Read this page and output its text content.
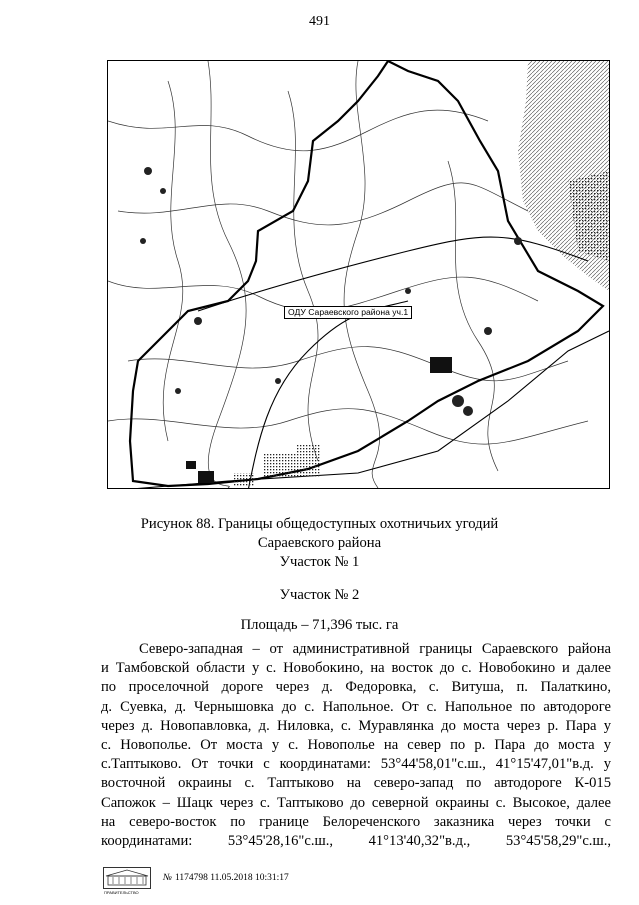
491
ОДУ Сараевского района уч.1
Рисунок 88. Границы общедоступных охотничьих угодий
Сараевского района
Участок № 1
Участок № 2
Площадь – 71,396 тыс. га
Северо-западная – от административной границы Сараевского района
и Тамбовской области у с. Новобокино, на восток до с. Новобокино и далее
по проселочной дороге через д. Федоровка, с. Витуша, п. Палаткино,
д. Суевка, д. Чернышовка до с. Напольное. От с. Напольное по автодороге
через д. Новопавловка, д. Ниловка, с. Муравлянка до моста через р. Пара у
с. Новополье. От моста у с. Новополье на север по р. Пара до моста у
с.Таптыково. От точки с координатами: 53°44'58,01"с.ш., 41°15'47,01"в.д. у
восточной окраины с. Таптыково на северо-запад по автодороге К-015
Сапожок – Шацк через с. Таптыково до северной окраины с. Высокое, далее
на северо-восток по границе Белореченского заказника через точки с
координатами: 53°45'28,16"с.ш., 41°13'40,32"в.д., 53°45'58,29"с.ш.,
ПРАВИТЕЛЬСТВО
№ 1174798 11.05.2018 10:31:17
